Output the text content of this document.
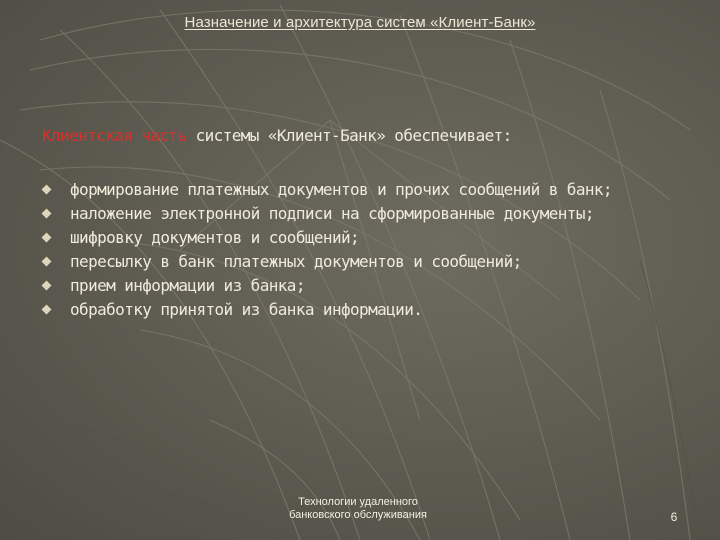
Назначение и архитектура систем «Клиент-Банк»
Клиентская часть системы «Клиент-Банк» обеспечивает:
формирование платежных документов и прочих сообщений в банк;
наложение электронной подписи на сформированные документы;
шифровку документов и сообщений;
пересылку в банк платежных документов и сообщений;
прием информации из банка;
обработку принятой из банка информации.
Технологии удаленного
банковского обслуживания	6
